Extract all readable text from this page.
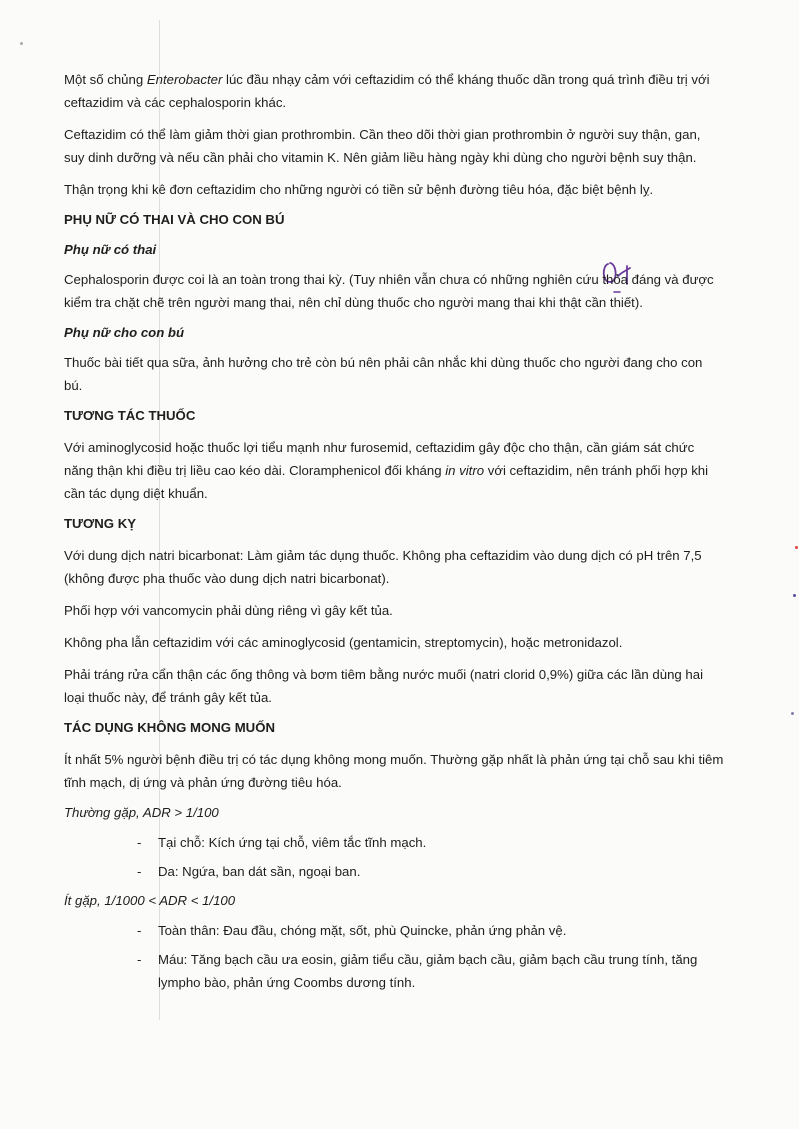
Một số chủng Enterobacter lúc đầu nhạy cảm với ceftazidim có thể kháng thuốc dần trong quá trình điều trị với ceftazidim và các cephalosporin khác.

Ceftazidim có thể làm giảm thời gian prothrombin. Cần theo dõi thời gian prothrombin ở người suy thận, gan, suy dinh dưỡng và nếu cần phải cho vitamin K. Nên giảm liều hàng ngày khi dùng cho người bệnh suy thận.

Thận trọng khi kê đơn ceftazidim cho những người có tiền sử bệnh đường tiêu hóa, đặc biệt bệnh lỵ.

PHỤ NỮ CÓ THAI VÀ CHO CON BÚ
Phụ nữ có thai

Cephalosporin được coi là an toàn trong thai kỳ. (Tuy nhiên vẫn chưa có những nghiên cứu thỏa đáng và được kiểm tra chặt chẽ trên người mang thai, nên chỉ dùng thuốc cho người mang thai khi thật cần thiết).

Phụ nữ cho con bú

Thuốc bài tiết qua sữa, ảnh hưởng cho trẻ còn bú nên phải cân nhắc khi dùng thuốc cho người đang cho con bú.

TƯƠNG TÁC THUỐC

Với aminoglycosid hoặc thuốc lợi tiểu mạnh như furosemid, ceftazidim gây độc cho thận, cần giám sát chức năng thận khi điều trị liều cao kéo dài. Cloramphenicol đối kháng in vitro với ceftazidim, nên tránh phối hợp khi cần tác dụng diệt khuẩn.

TƯƠNG KỴ

Với dung dịch natri bicarbonat: Làm giảm tác dụng thuốc. Không pha ceftazidim vào dung dịch có pH trên 7,5 (không được pha thuốc vào dung dịch natri bicarbonat).

Phối hợp với vancomycin phải dùng riêng vì gây kết tủa.

Không pha lẫn ceftazidim với các aminoglycosid (gentamicin, streptomycin), hoặc metronidazol.

Phải tráng rửa cẩn thận các ống thông và bơm tiêm bằng nước muối (natri clorid 0,9%) giữa các lần dùng hai loại thuốc này, để tránh gây kết tủa.

TÁC DỤNG KHÔNG MONG MUỐN

Ít nhất 5% người bệnh điều trị có tác dụng không mong muốn. Thường gặp nhất là phản ứng tại chỗ sau khi tiêm tĩnh mạch, dị ứng và phản ứng đường tiêu hóa.

Thường gặp, ADR > 1/100

- Tại chỗ: Kích ứng tại chỗ, viêm tắc tĩnh mạch.
- Da: Ngứa, ban dát sần, ngoại ban.

Ít gặp, 1/1000 < ADR < 1/100

- Toàn thân: Đau đầu, chóng mặt, sốt, phù Quincke, phản ứng phản vệ.
- Máu: Tăng bạch cầu ưa eosin, giảm tiểu cầu, giảm bạch cầu, giảm bạch cầu trung tính, tăng lympho bào, phản ứng Coombs dương tính.
